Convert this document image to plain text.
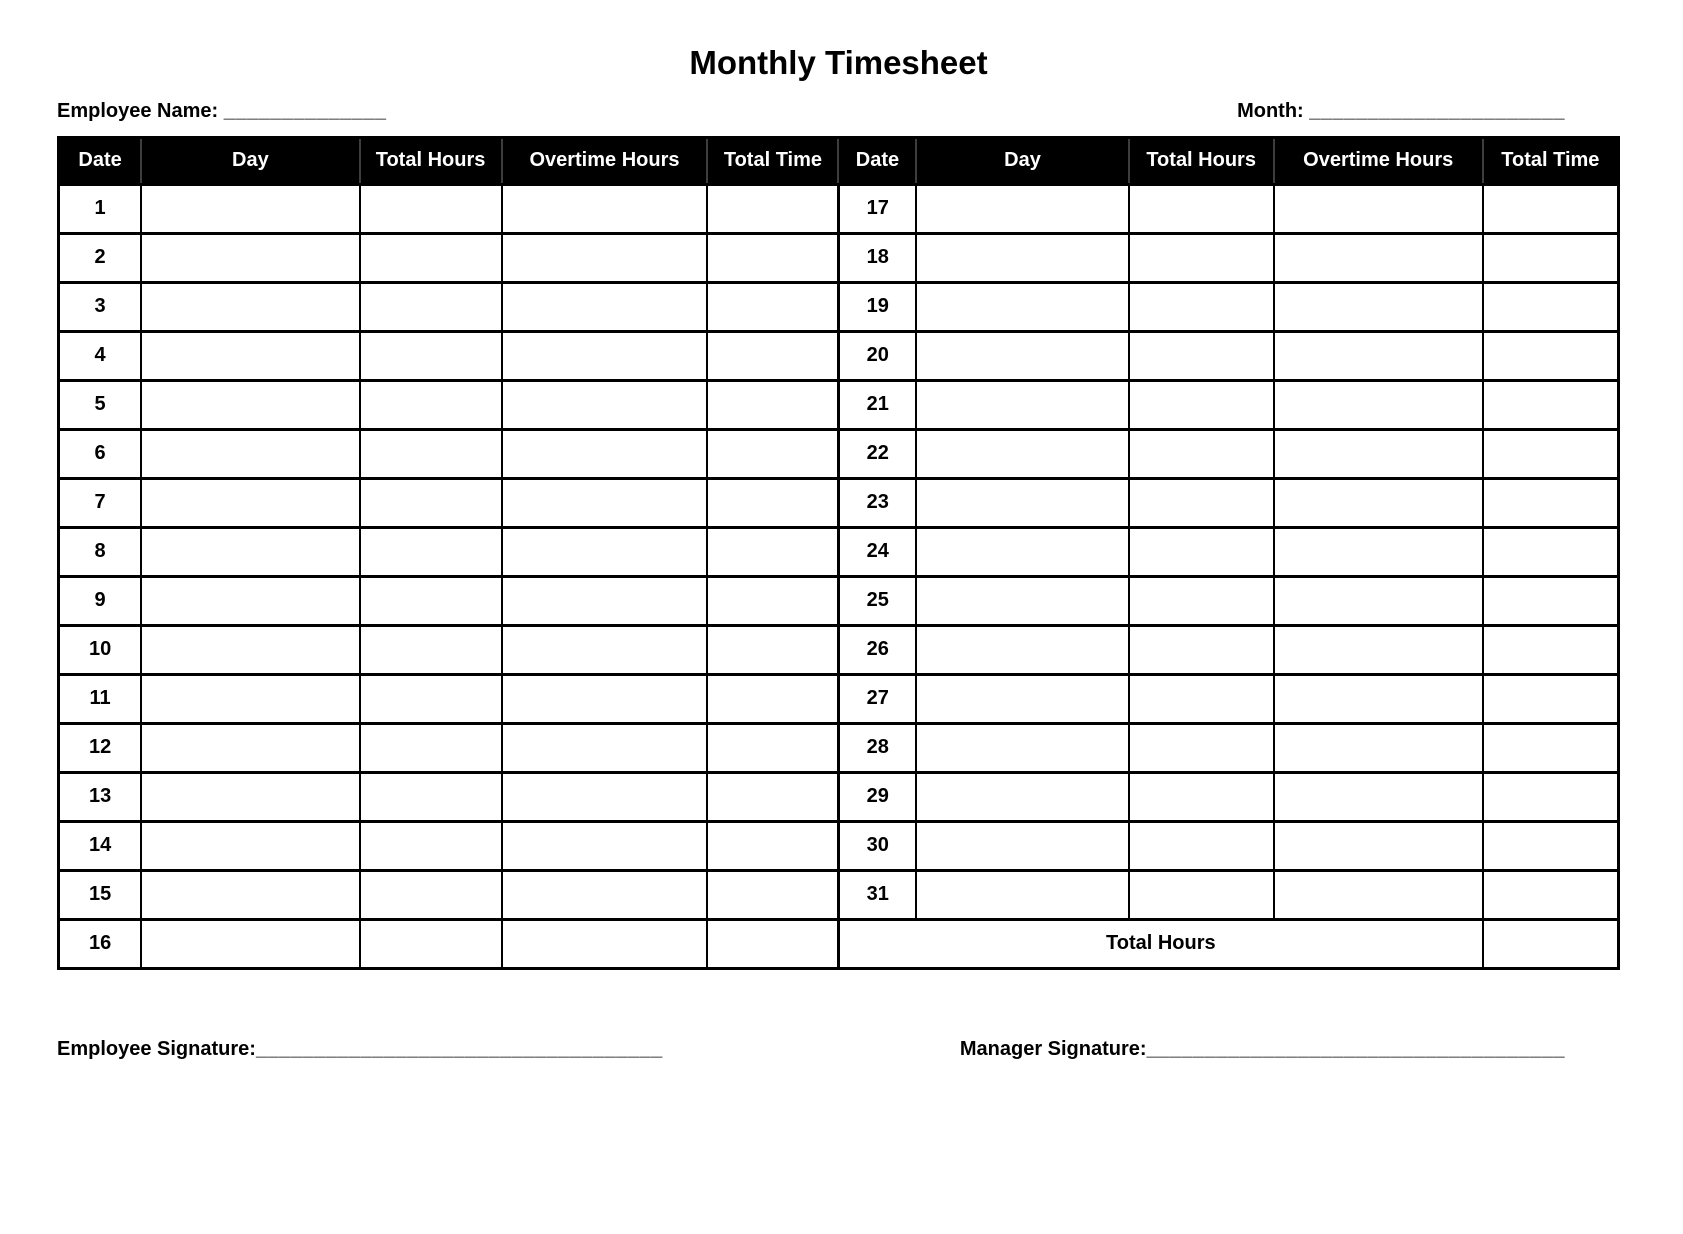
Monthly Timesheet
Employee Name: ______________	Month: ______________________
Date	Day	Total Hours	Overtime Hours	Total Time	Date	Day	Total Hours	Overtime Hours	Total Time
1					17				
2					18				
3					19				
4					20				
5					21				
6					22				
7					23				
8					24				
9					25				
10					26				
11					27				
12					28				
13					29				
14					30				
15					31				
16					Total Hours				
Employee Signature:___________________________________	Manager Signature:____________________________________
